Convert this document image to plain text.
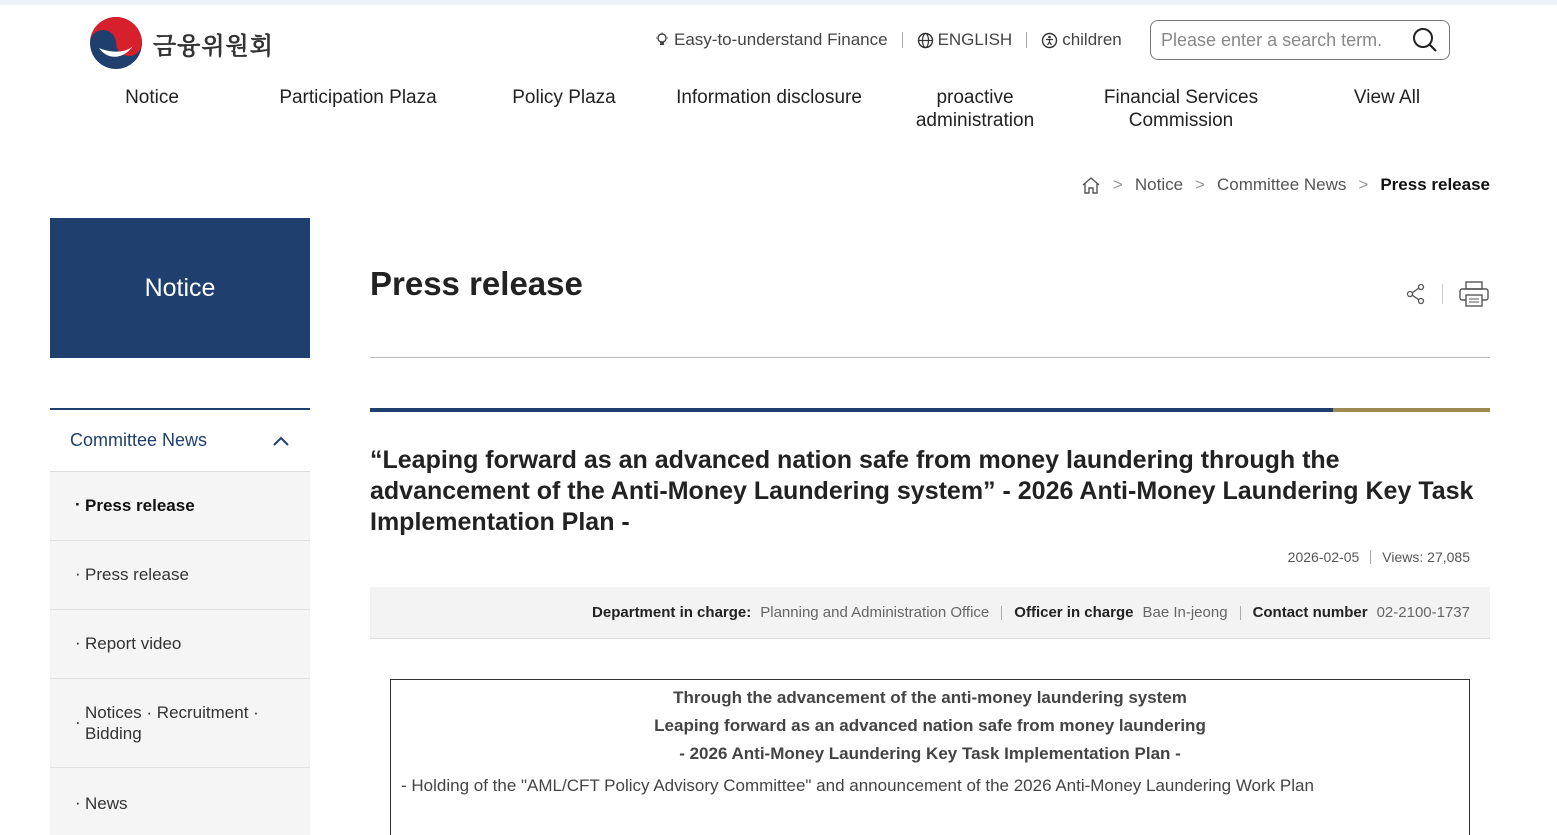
금융위원회	Easy-to-understand Finance	ENGLISH	children
Please enter a search term.
Notice	Participation Plaza	Policy Plaza	Information disclosure	proactive
administration
Financial Services
Commission
View All
> Notice > Committee News > Press release
Notice
Committee News
· Press release
· Press release
· Report video
· Notices · Recruitment · Bidding
· News
Press release
“Leaping forward as an advanced nation safe from money laundering through the advancement of the Anti-Money Laundering system” - 2026 Anti-Money Laundering Key Task Implementation Plan -
2026-02-05 Views: 27,085
Department in charge: Planning and Administration Office Officer in charge Bae In-jeong Contact number 02-2100-1737
Through the advancement of the anti-money laundering system
Leaping forward as an advanced nation safe from money laundering
- 2026 Anti-Money Laundering Key Task Implementation Plan -
- Holding of the "AML/CFT Policy Advisory Committee" and announcement of the 2026 Anti-Money Laundering Work Plan
